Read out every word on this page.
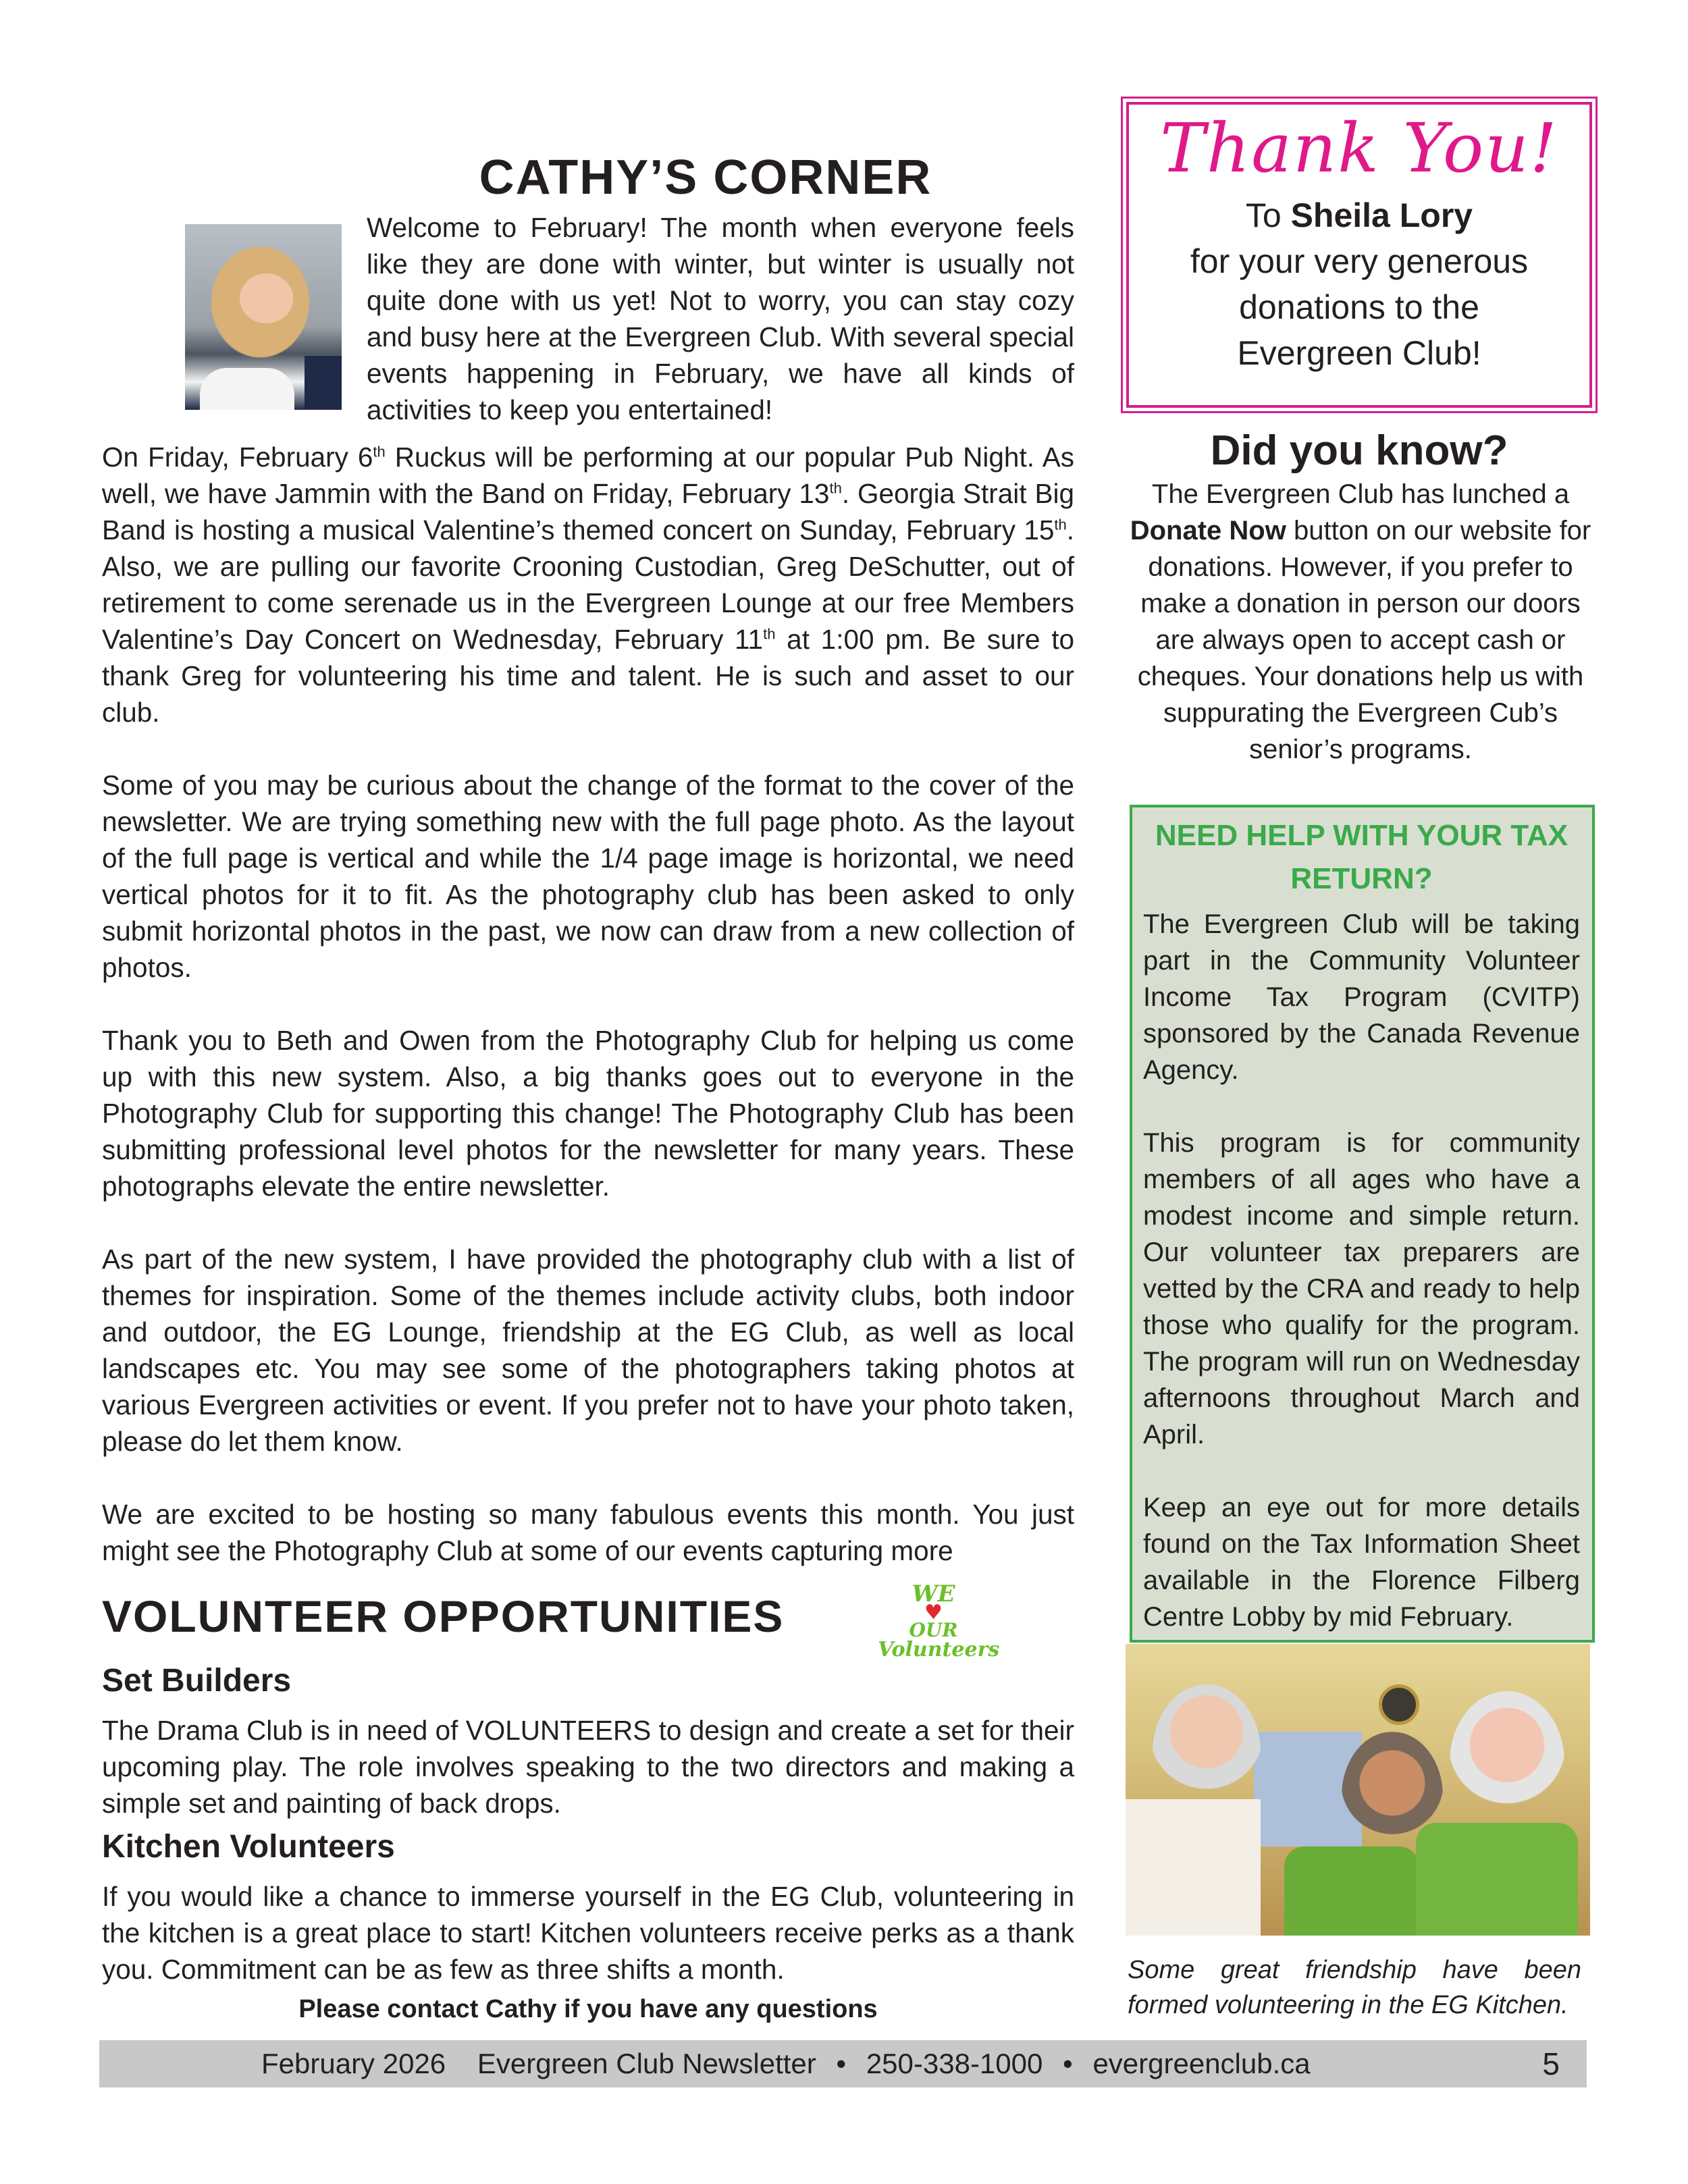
CATHY’S CORNER

Welcome to February! The month when everyone feels like they are done with winter, but winter is usually not quite done with us yet! Not to worry, you can stay cozy and busy here at the Evergreen Club. With several special events happening in February, we have all kinds of activities to keep you entertained!

On Friday, February 6th Ruckus will be performing at our popular Pub Night. As well, we have Jammin with the Band on Friday, February 13th. Georgia Strait Big Band is hosting a musical Valentine’s themed concert on Sunday, February 15th. Also, we are pulling our favorite Crooning Custodian, Greg DeSchutter, out of retirement to come serenade us in the Evergreen Lounge at our free Members Valentine’s Day Concert on Wednesday, February 11th at 1:00 pm. Be sure to thank Greg for volunteering his time and talent. He is such and asset to our club.

Some of you may be curious about the change of the format to the cover of the newsletter. We are trying something new with the full page photo. As the layout of the full page is vertical and while the 1/4 page image is horizontal, we need vertical photos for it to fit. As the photography club has been asked to only submit horizontal photos in the past, we now can draw from a new collection of photos.

Thank you to Beth and Owen from the Photography Club for helping us come up with this new system. Also, a big thanks goes out to everyone in the Photography Club for supporting this change! The Photography Club has been submitting professional level photos for the newsletter for many years. These photographs elevate the entire newsletter.

As part of the new system, I have provided the photography club with a list of themes for inspiration. Some of the themes include activity clubs, both indoor and outdoor, the EG Lounge, friendship at the EG Club, as well as local landscapes etc. You may see some of the photographers taking photos at various Evergreen activities or event. If you prefer not to have your photo taken, please do let them know.

We are excited to be hosting so many fabulous events this month. You just might see the Photography Club at some of our events capturing more

VOLUNTEER OPPORTUNITIES	WE
♥
OUR
Volunteers
Set Builders

The Drama Club is in need of VOLUNTEERS to design and create a set for their upcoming play. The role involves speaking to the two directors and making a simple set and painting of back drops.

Kitchen Volunteers

If you would like a chance to immerse yourself in the EG Club, volunteering in the kitchen is a great place to start! Kitchen volunteers receive perks as a thank you. Commitment can be as few as three shifts a month.

Please contact Cathy if you have any questions

Thank You!

To Sheila Lory

for your very generous

donations to the

Evergreen Club!

Did you know?

The Evergreen Club has lunched a Donate Now button on our website for donations. However, if you prefer to make a donation in person our doors are always open to accept cash or cheques. Your donations help us with suppurating the Evergreen Cub’s senior’s programs.

NEED HELP WITH YOUR TAX RETURN?

The Evergreen Club will be taking part in the Community Volunteer Income Tax Program (CVITP) sponsored by the Canada Revenue Agency.

This program is for community members of all ages who have a modest income and simple return. Our volunteer tax preparers are vetted by the CRA and ready to help those who qualify for the program. The program will run on Wednesday afternoons throughout March and April.

Keep an eye out for more details found on the Tax Information Sheet available in the Florence Filberg Centre Lobby by mid February.

Some great friendship have been formed volunteering in the EG Kitchen.

February 2026 Evergreen Club Newsletter • 250-338-1000 • evergreenclub.ca	5
